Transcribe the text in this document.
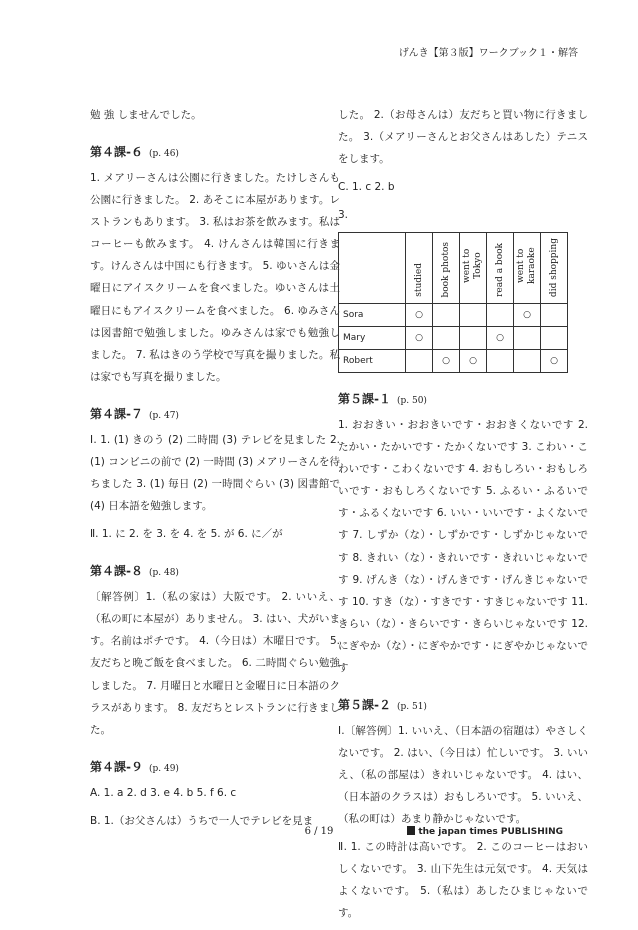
げんき【第３版】ワークブック１・解答

勉 強 しませんでした。

第４課-６ (p. 46)

1. メアリーさんは公園に行きました。たけしさんも公園に行きました。 2. あそこに本屋があります。レストランもあります。 3. 私はお茶を飲みます。私はコーヒーも飲みます。 4. けんさんは韓国に行きます。けんさんは中国にも行きます。 5. ゆいさんは金曜日にアイスクリームを食べました。ゆいさんは土曜日にもアイスクリームを食べました。 6. ゆみさんは図書館で勉強しました。ゆみさんは家でも勉強しました。 7. 私はきのう学校で写真を撮りました。私は家でも写真を撮りました。

第４課-７ (p. 47)

Ⅰ. 1. (1) きのう (2) 二時間 (3) テレビを見ました 2. (1) コンビニの前で (2) 一時間 (3) メアリーさんを待ちました 3. (1) 毎日 (2) 一時間ぐらい (3) 図書館で (4) 日本語を勉強します。

Ⅱ. 1. に 2. を 3. を 4. を 5. が 6. に／が

第４課-８ (p. 48)

〔解答例〕1.（私の家は）大阪です。 2. いいえ、（私の町に本屋が）ありません。 3. はい、犬がいます。名前はポチです。 4.（今日は）木曜日です。 5. 友だちと晩ご飯を食べました。 6. 二時間ぐらい勉強しました。 7. 月曜日と水曜日と金曜日に日本語のクラスがあります。 8. 友だちとレストランに行きました。

第４課-９ (p. 49)

A. 1. a 2. d 3. e 4. b 5. f 6. c

B. 1.（お父さんは）うちで一人でテレビを見ま

した。 2.（お母さんは）友だちと買い物に行きました。 3.（メアリーさんとお父さんはあした）テニスをします。

C. 1. c 2. b

3.

	studied	book photos	went to Tokyo	read a book	went to karaoke	did shopping
Sora	○				○	
Mary	○			○		
Robert		○	○			○
第５課-１ (p. 50)

1. おおきい・おおきいです・おおきくないです 2. たかい・たかいです・たかくないです 3. こわい・こわいです・こわくないです 4. おもしろい・おもしろいです・おもしろくないです 5. ふるい・ふるいです・ふるくないです 6. いい・いいです・よくないです 7. しずか（な）・しずかです・しずかじゃないです 8. きれい（な）・きれいです・きれいじゃないです 9. げんき（な）・げんきです・げんきじゃないです 10. すき（な）・すきです・すきじゃないです 11. きらい（な）・きらいです・きらいじゃないです 12. にぎやか（な）・にぎやかです・にぎやかじゃないです

第５課-２ (p. 51)

Ⅰ.〔解答例〕1. いいえ、（日本語の宿題は）やさしくないです。 2. はい、（今日は）忙しいです。 3. いいえ、（私の部屋は）きれいじゃないです。 4. はい、（日本語のクラスは）おもしろいです。 5. いいえ、（私の町は）あまり静かじゃないです。

Ⅱ. 1. この時計は高いです。 2. このコーヒーはおいしくないです。 3. 山下先生は元気です。 4. 天気はよくないです。 5.（私は）あしたひまじゃないです。

6 / 19	the japan times PUBLISHING
